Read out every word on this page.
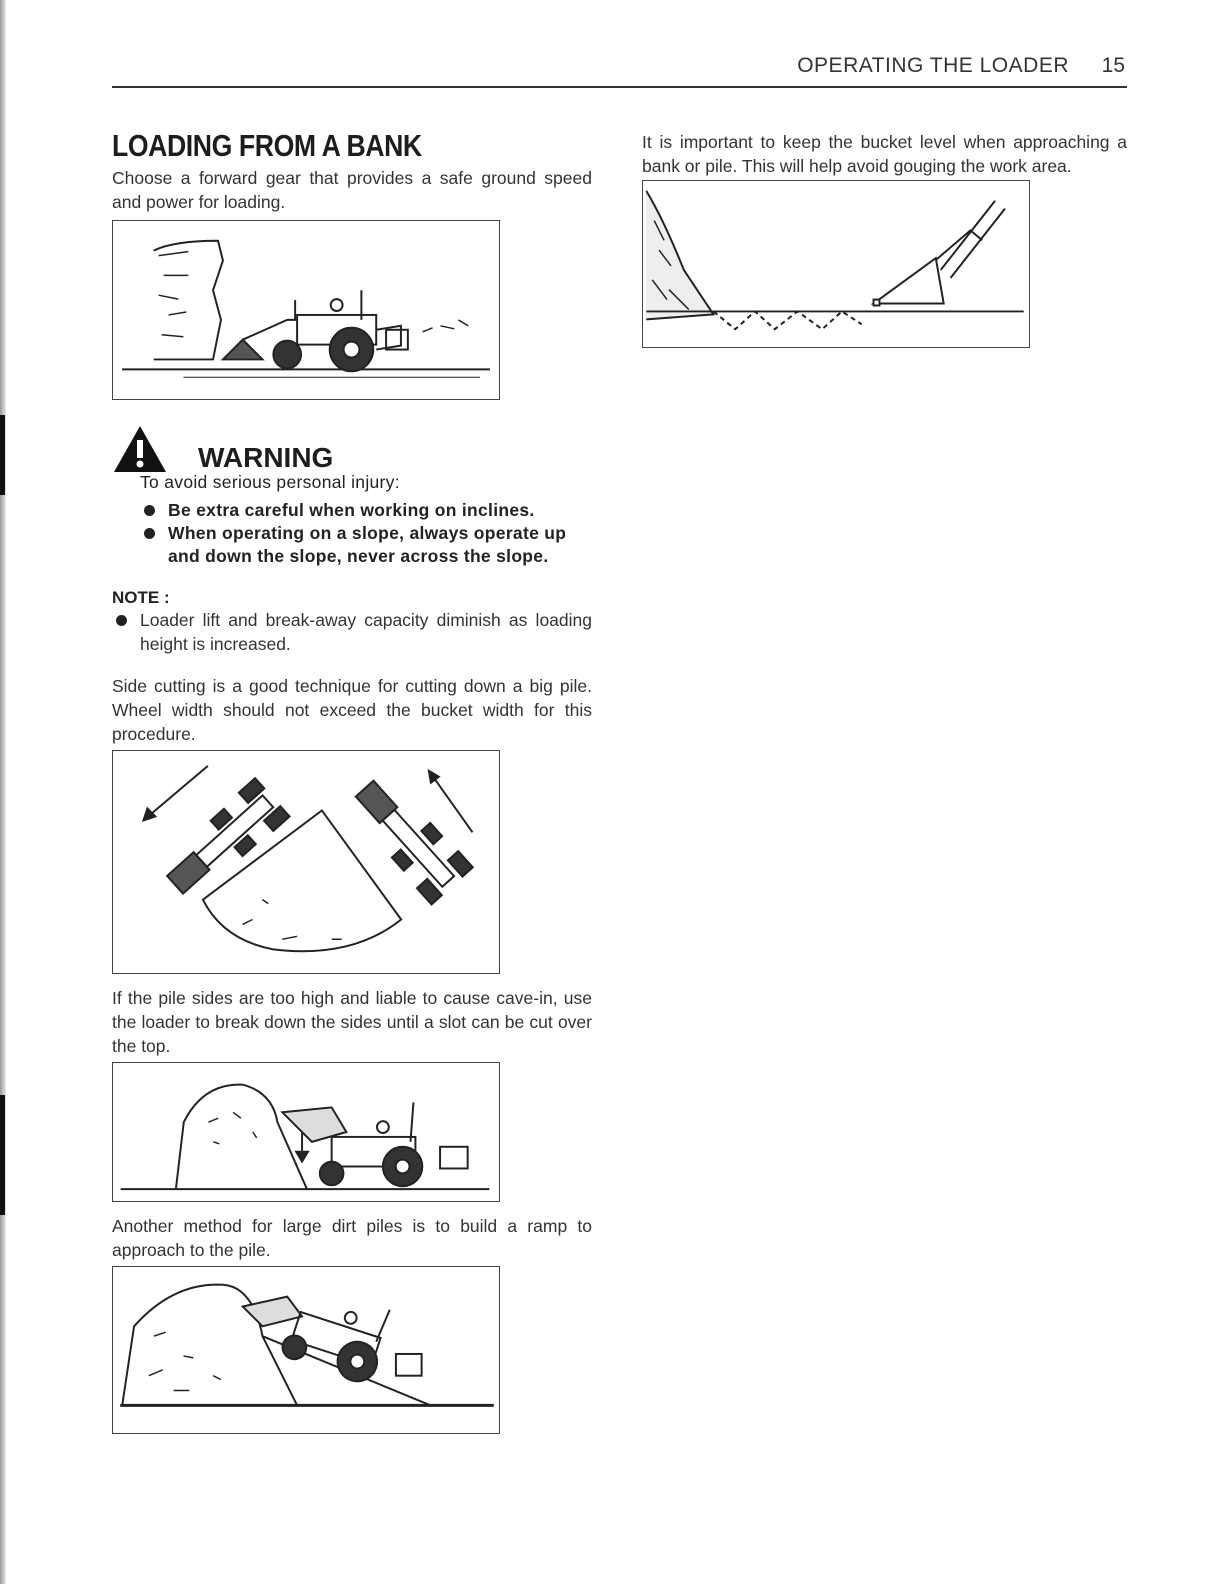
OPERATING THE LOADER 15
LOADING FROM A BANK

Choose a forward gear that provides a safe ground speed and power for loading.

WARNING
To avoid serious personal injury:
Be extra careful when working on inclines.
When operating on a slope, always operate up and down the slope, never across the slope.
NOTE :
Loader lift and break-away capacity diminish as loading height is increased.

Side cutting is a good technique for cutting down a big pile. Wheel width should not exceed the bucket width for this procedure.

If the pile sides are too high and liable to cause cave-in, use the loader to break down the sides until a slot can be cut over the top.

Another method for large dirt piles is to build a ramp to approach to the pile.

It is important to keep the bucket level when approaching a bank or pile. This will help avoid gouging the work area.
